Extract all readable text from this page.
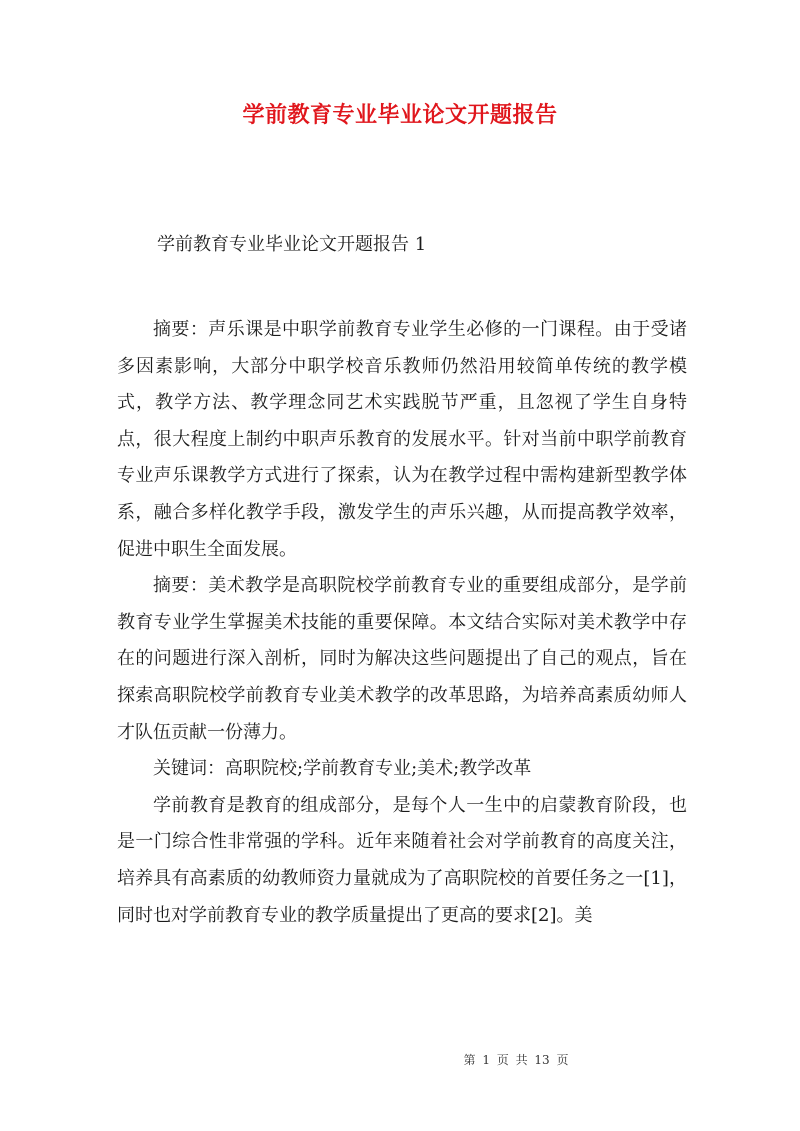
学前教育专业毕业论文开题报告
学前教育专业毕业论文开题报告 1

摘要：声乐课是中职学前教育专业学生必修的一门课程。由于受诸多因素影响，大部分中职学校音乐教师仍然沿用较简单传统的教学模式，教学方法、教学理念同艺术实践脱节严重，且忽视了学生自身特点，很大程度上制约中职声乐教育的发展水平。针对当前中职学前教育专业声乐课教学方式进行了探索，认为在教学过程中需构建新型教学体系，融合多样化教学手段，激发学生的声乐兴趣，从而提高教学效率，促进中职生全面发展。

摘要：美术教学是高职院校学前教育专业的重要组成部分，是学前教育专业学生掌握美术技能的重要保障。本文结合实际对美术教学中存在的问题进行深入剖析，同时为解决这些问题提出了自己的观点，旨在探索高职院校学前教育专业美术教学的改革思路，为培养高素质幼师人才队伍贡献一份薄力。

关键词：高职院校;学前教育专业;美术;教学改革

学前教育是教育的组成部分，是每个人一生中的启蒙教育阶段，也是一门综合性非常强的学科。近年来随着社会对学前教育的高度关注，培养具有高素质的幼教师资力量就成为了高职院校的首要任务之一[1]，同时也对学前教育专业的教学质量提出了更高的要求[2]。美

第 1 页 共 13 页
